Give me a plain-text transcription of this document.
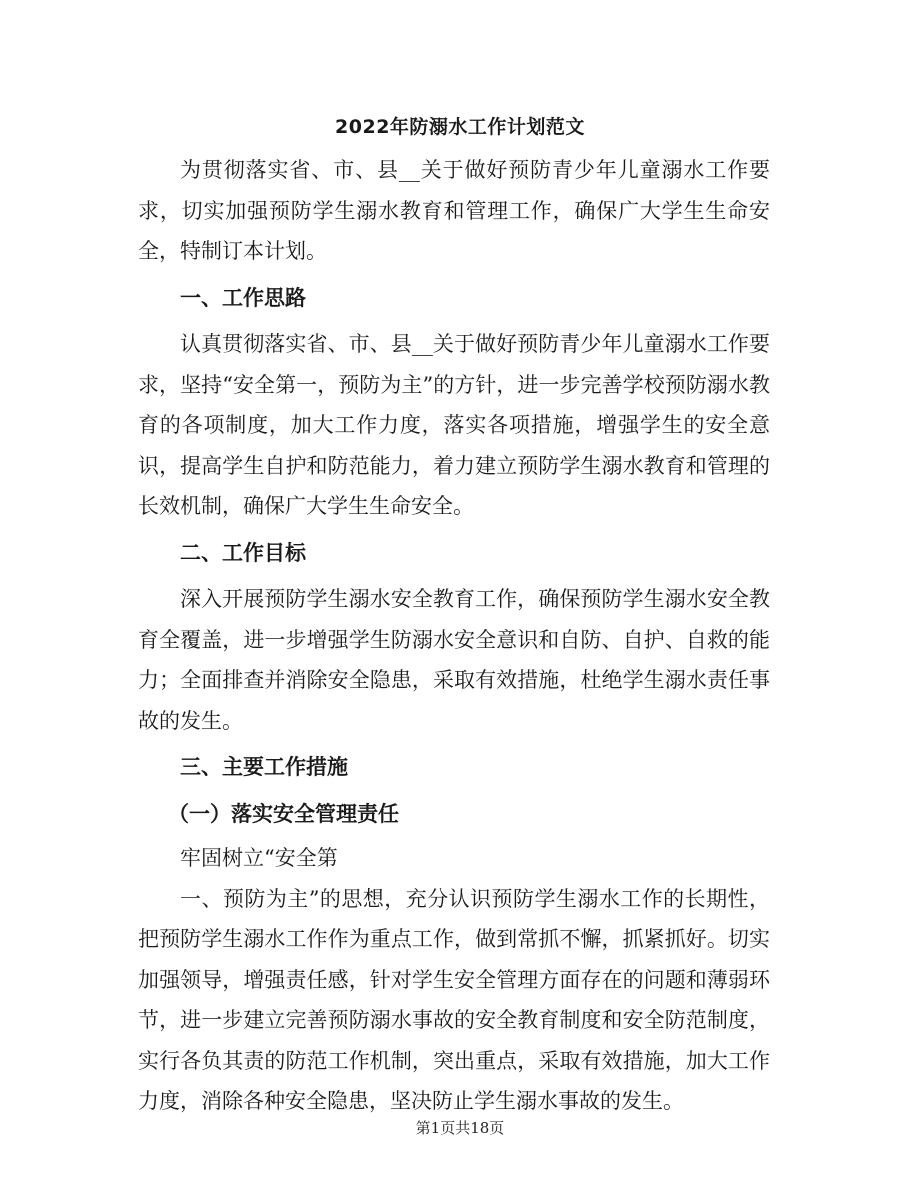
2022年防溺水工作计划范文

为贯彻落实省、市、县__关于做好预防青少年儿童溺水工作要求，切实加强预防学生溺水教育和管理工作，确保广大学生生命安全，特制订本计划。

一、工作思路

认真贯彻落实省、市、县__关于做好预防青少年儿童溺水工作要求，坚持“安全第一，预防为主”的方针，进一步完善学校预防溺水教育的各项制度，加大工作力度，落实各项措施，增强学生的安全意识，提高学生自护和防范能力，着力建立预防学生溺水教育和管理的长效机制，确保广大学生生命安全。

二、工作目标

深入开展预防学生溺水安全教育工作，确保预防学生溺水安全教育全覆盖，进一步增强学生防溺水安全意识和自防、自护、自救的能力；全面排查并消除安全隐患，采取有效措施，杜绝学生溺水责任事故的发生。

三、主要工作措施

（一）落实安全管理责任

牢固树立“安全第

一、预防为主”的思想，充分认识预防学生溺水工作的长期性，把预防学生溺水工作作为重点工作，做到常抓不懈，抓紧抓好。切实加强领导，增强责任感，针对学生安全管理方面存在的问题和薄弱环节，进一步建立完善预防溺水事故的安全教育制度和安全防范制度，实行各负其责的防范工作机制，突出重点，采取有效措施，加大工作力度，消除各种安全隐患，坚决防止学生溺水事故的发生。

第1页共18页
